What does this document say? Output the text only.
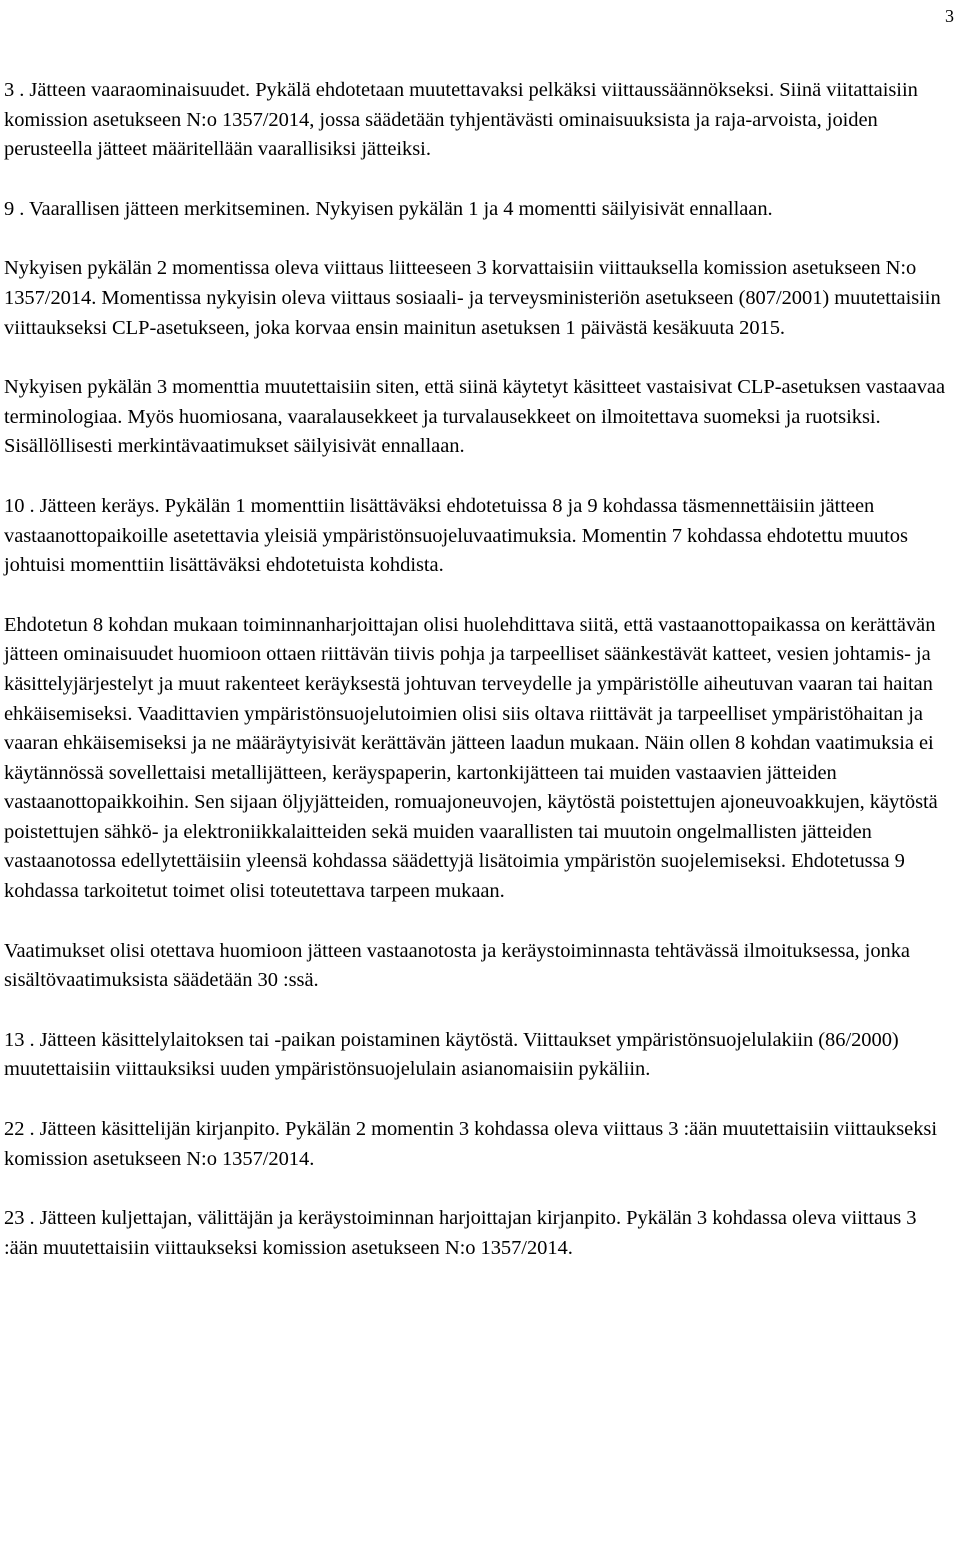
3

3 . Jätteen vaaraominaisuudet. Pykälä ehdotetaan muutettavaksi pelkäksi viittaussäännökseksi. Siinä viitattaisiin komission asetukseen N:o 1357/2014, jossa säädetään tyhjentävästi ominaisuuksista ja raja-arvoista, joiden perusteella jätteet määritellään vaarallisiksi jätteiksi.

9 . Vaarallisen jätteen merkitseminen. Nykyisen pykälän 1 ja 4 momentti säilyisivät ennallaan.

Nykyisen pykälän 2 momentissa oleva viittaus liitteeseen 3 korvattaisiin viittauksella komission asetukseen N:o 1357/2014. Momentissa nykyisin oleva viittaus sosiaali- ja terveysministeriön asetukseen (807/2001) muutettaisiin viittaukseksi CLP-asetukseen, joka korvaa ensin mainitun asetuksen 1 päivästä kesäkuuta 2015.

Nykyisen pykälän 3 momenttia muutettaisiin siten, että siinä käytetyt käsitteet vastaisivat CLP-asetuksen vastaavaa terminologiaa. Myös huomiosana, vaaralausekkeet ja turvalausekkeet on ilmoitettava suomeksi ja ruotsiksi. Sisällöllisesti merkintävaatimukset säilyisivät ennallaan.

10 . Jätteen keräys. Pykälän 1 momenttiin lisättäväksi ehdotetuissa 8 ja 9 kohdassa täsmennettäisiin jätteen vastaanottopaikoille asetettavia yleisiä ympäristönsuojeluvaatimuksia. Momentin 7 kohdassa ehdotettu muutos johtuisi momenttiin lisättäväksi ehdotetuista kohdista.

Ehdotetun 8 kohdan mukaan toiminnanharjoittajan olisi huolehdittava siitä, että vastaanottopaikassa on kerättävän jätteen ominaisuudet huomioon ottaen riittävän tiivis pohja ja tarpeelliset säänkestävät katteet, vesien johtamis- ja käsittelyjärjestelyt ja muut rakenteet keräyksestä johtuvan terveydelle ja ympäristölle aiheutuvan vaaran tai haitan ehkäisemiseksi. Vaadittavien ympäristönsuojelutoimien olisi siis oltava riittävät ja tarpeelliset ympäristöhaitan ja vaaran ehkäisemiseksi ja ne määräytyisivät kerättävän jätteen laadun mukaan. Näin ollen 8 kohdan vaatimuksia ei käytännössä sovellettaisi metallijätteen, keräyspaperin, kartonkijätteen tai muiden vastaavien jätteiden vastaanottopaikkoihin. Sen sijaan öljyjätteiden, romuajoneuvojen, käytöstä poistettujen ajoneuvoakkujen, käytöstä poistettujen sähkö- ja elektroniikkalaitteiden sekä muiden vaarallisten tai muutoin ongelmallisten jätteiden vastaanotossa edellytettäisiin yleensä kohdassa säädettyjä lisätoimia ympäristön suojelemiseksi. Ehdotetussa 9 kohdassa tarkoitetut toimet olisi toteutettava tarpeen mukaan.

Vaatimukset olisi otettava huomioon jätteen vastaanotosta ja keräystoiminnasta tehtävässä ilmoituksessa, jonka sisältövaatimuksista säädetään 30 :ssä.

13 . Jätteen käsittelylaitoksen tai -paikan poistaminen käytöstä. Viittaukset ympäristönsuojelulakiin (86/2000) muutettaisiin viittauksiksi uuden ympäristönsuojelulain asianomaisiin pykäliin.

22 . Jätteen käsittelijän kirjanpito. Pykälän 2 momentin 3 kohdassa oleva viittaus 3 :ään muutettaisiin viittaukseksi komission asetukseen N:o 1357/2014.

23 . Jätteen kuljettajan, välittäjän ja keräystoiminnan harjoittajan kirjanpito. Pykälän 3 kohdassa oleva viittaus 3 :ään muutettaisiin viittaukseksi komission asetukseen N:o 1357/2014.
